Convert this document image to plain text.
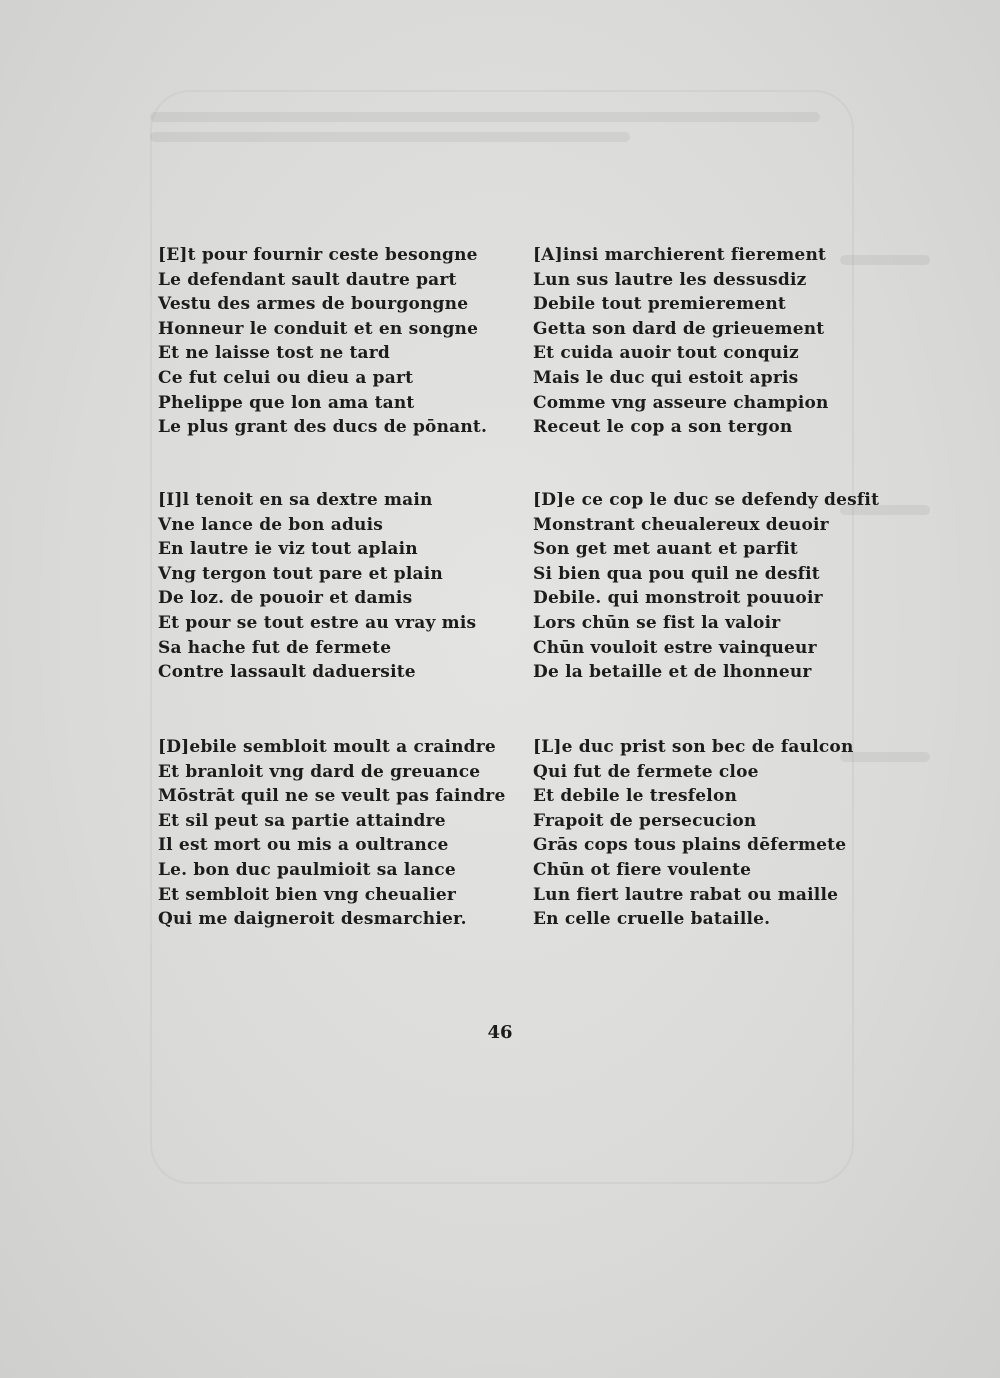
[E]t pour fournir ceste besongne
Le defendant sault dautre part
Vestu des armes de bourgongne
Honneur le conduit et en songne
Et ne laisse tost ne tard
Ce fut celui ou dieu a part
Phelippe que lon ama tant
Le plus grant des ducs de pōnant.
[A]insi marchierent fierement
Lun sus lautre les dessusdiz
Debile tout premierement
Getta son dard de grieuement
Et cuida auoir tout conquiz
Mais le duc qui estoit apris
Comme vng asseure champion
Receut le cop a son tergon
[I]l tenoit en sa dextre main
Vne lance de bon aduis
En lautre ie viz tout aplain
Vng tergon tout pare et plain
De loz. de pouoir et damis
Et pour se tout estre au vray mis
Sa hache fut de fermete
Contre lassault daduersite
[D]e ce cop le duc se defendy desfit
Monstrant cheualereux deuoir
Son get met auant et parfit
Si bien qua pou quil ne desfit
Debile. qui monstroit pouuoir
Lors chūn se fist la valoir
Chūn vouloit estre vainqueur
De la betaille et de lhonneur
[D]ebile sembloit moult a craindre
Et branloit vng dard de greuance
Mōstrāt quil ne se veult pas faindre
Et sil peut sa partie attaindre
Il est mort ou mis a oultrance
Le. bon duc paulmioit sa lance
Et sembloit bien vng cheualier
Qui me daigneroit desmarchier.
[L]e duc prist son bec de faulcon
Qui fut de fermete cloe
Et debile le tresfelon
Frapoit de persecucion
Grās cops tous plains dēfermete
Chūn ot fiere voulente
Lun fiert lautre rabat ou maille
En celle cruelle bataille.
46
